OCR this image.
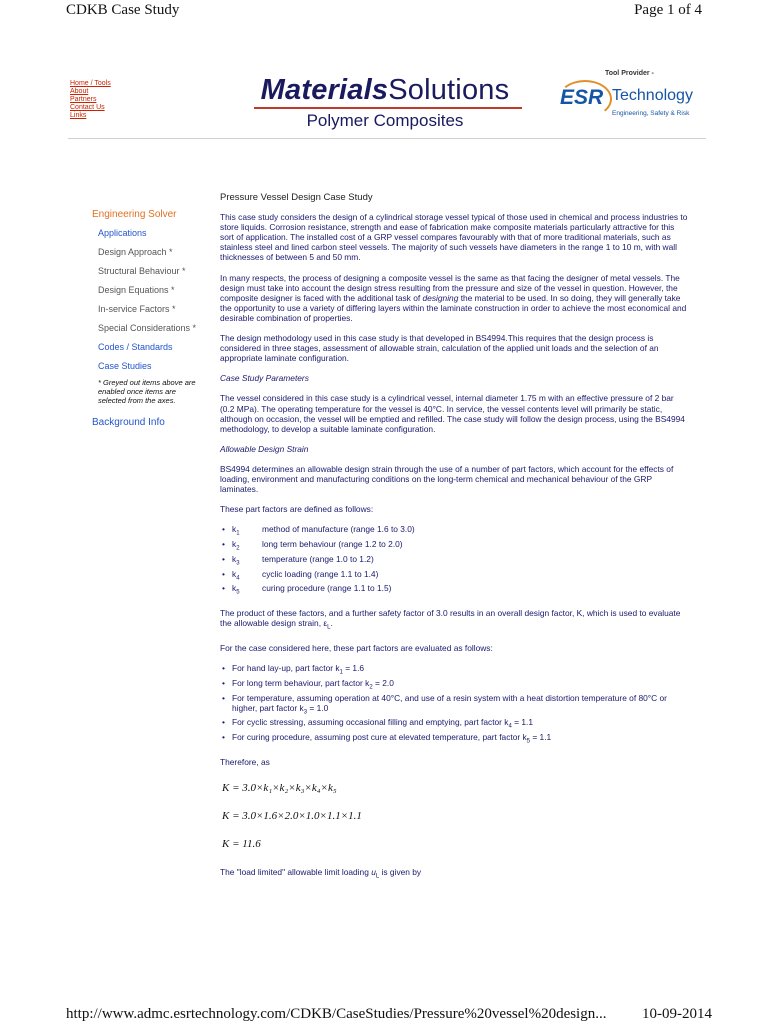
CDKB Case Study	Page 1 of 4
Home / Tools
About
Partners
Contact Us
Links
MaterialsSolutions
Polymer Composites
Tool Provider -
ESR Technology
Engineering, Safety & Risk
Engineering Solver
Applications
Design Approach *
Structural Behaviour *
Design Equations *
In-service Factors *
Special Considerations *
Codes / Standards
Case Studies
* Greyed out items above are enabled once items are selected from the axes.
Background Info
Pressure Vessel Design Case Study

This case study considers the design of a cylindrical storage vessel typical of those used in chemical and process industries to store liquids. Corrosion resistance, strength and ease of fabrication make composite materials particularly attractive for this sort of application. The installed cost of a GRP vessel compares favourably with that of more traditional materials, such as stainless steel and lined carbon steel vessels. The majority of such vessels have diameters in the range 1 to 10 m, with wall thicknesses of between 5 and 50 mm.

In many respects, the process of designing a composite vessel is the same as that facing the designer of metal vessels. The design must take into account the design stress resulting from the pressure and size of the vessel in question. However, the composite designer is faced with the additional task of designing the material to be used. In so doing, they will generally take the opportunity to use a variety of differing layers within the laminate construction in order to achieve the most economical and desirable combination of properties.

The design methodology used in this case study is that developed in BS4994.This requires that the design process is considered in three stages, assessment of allowable strain, calculation of the applied unit loads and the selection of an appropriate laminate configuration.

Case Study Parameters

The vessel considered in this case study is a cylindrical vessel, internal diameter 1.75 m with an effective pressure of 2 bar (0.2 MPa). The operating temperature for the vessel is 40°C. In service, the vessel contents level will primarily be static, although on occasion, the vessel will be emptied and refilled. The case study will follow the design process, using the BS4994 methodology, to develop a suitable laminate configuration.

Allowable Design Strain

BS4994 determines an allowable design strain through the use of a number of part factors, which account for the effects of loading, environment and manufacturing conditions on the long-term chemical and mechanical behaviour of the GRP laminates.

These part factors are defined as follows:

• $k_1$	method of manufacture (range 1.6 to 3.0)
• $k_2$	long term behaviour (range 1.2 to 2.0)
• $k_3$	temperature (range 1.0 to 1.2)
• $k_4$	cyclic loading (range 1.1 to 1.4)
• $k_5$	curing procedure (range 1.1 to 1.5)

The product of these factors, and a further safety factor of 3.0 results in an overall design factor, K, which is used to evaluate the allowable design strain, $\varepsilon_L$.

For the case considered here, these part factors are evaluated as follows:

• For hand lay-up, part factor $k_1 = 1.6$
• For long term behaviour, part factor $k_2 = 2.0$
• For temperature, assuming operation at 40°C, and use of a resin system with a heat distortion temperature of 80°C or higher, part factor $k_3 = 1.0$
• For cyclic stressing, assuming occasional filling and emptying, part factor $k_4 = 1.1$
• For curing procedure, assuming post cure at elevated temperature, part factor $k_5 = 1.1$

Therefore, as

K = 3.0×k₁×k₂×k₃×k₄×k₅
K = 3.0×1.6×2.0×1.0×1.1×1.1
K = 11.6

The "load limited" allowable limit loading $u_L$ is given by

http://www.admc.esrtechnology.com/CDKB/CaseStudies/Pressure%20vessel%20design... 10-09-2014
